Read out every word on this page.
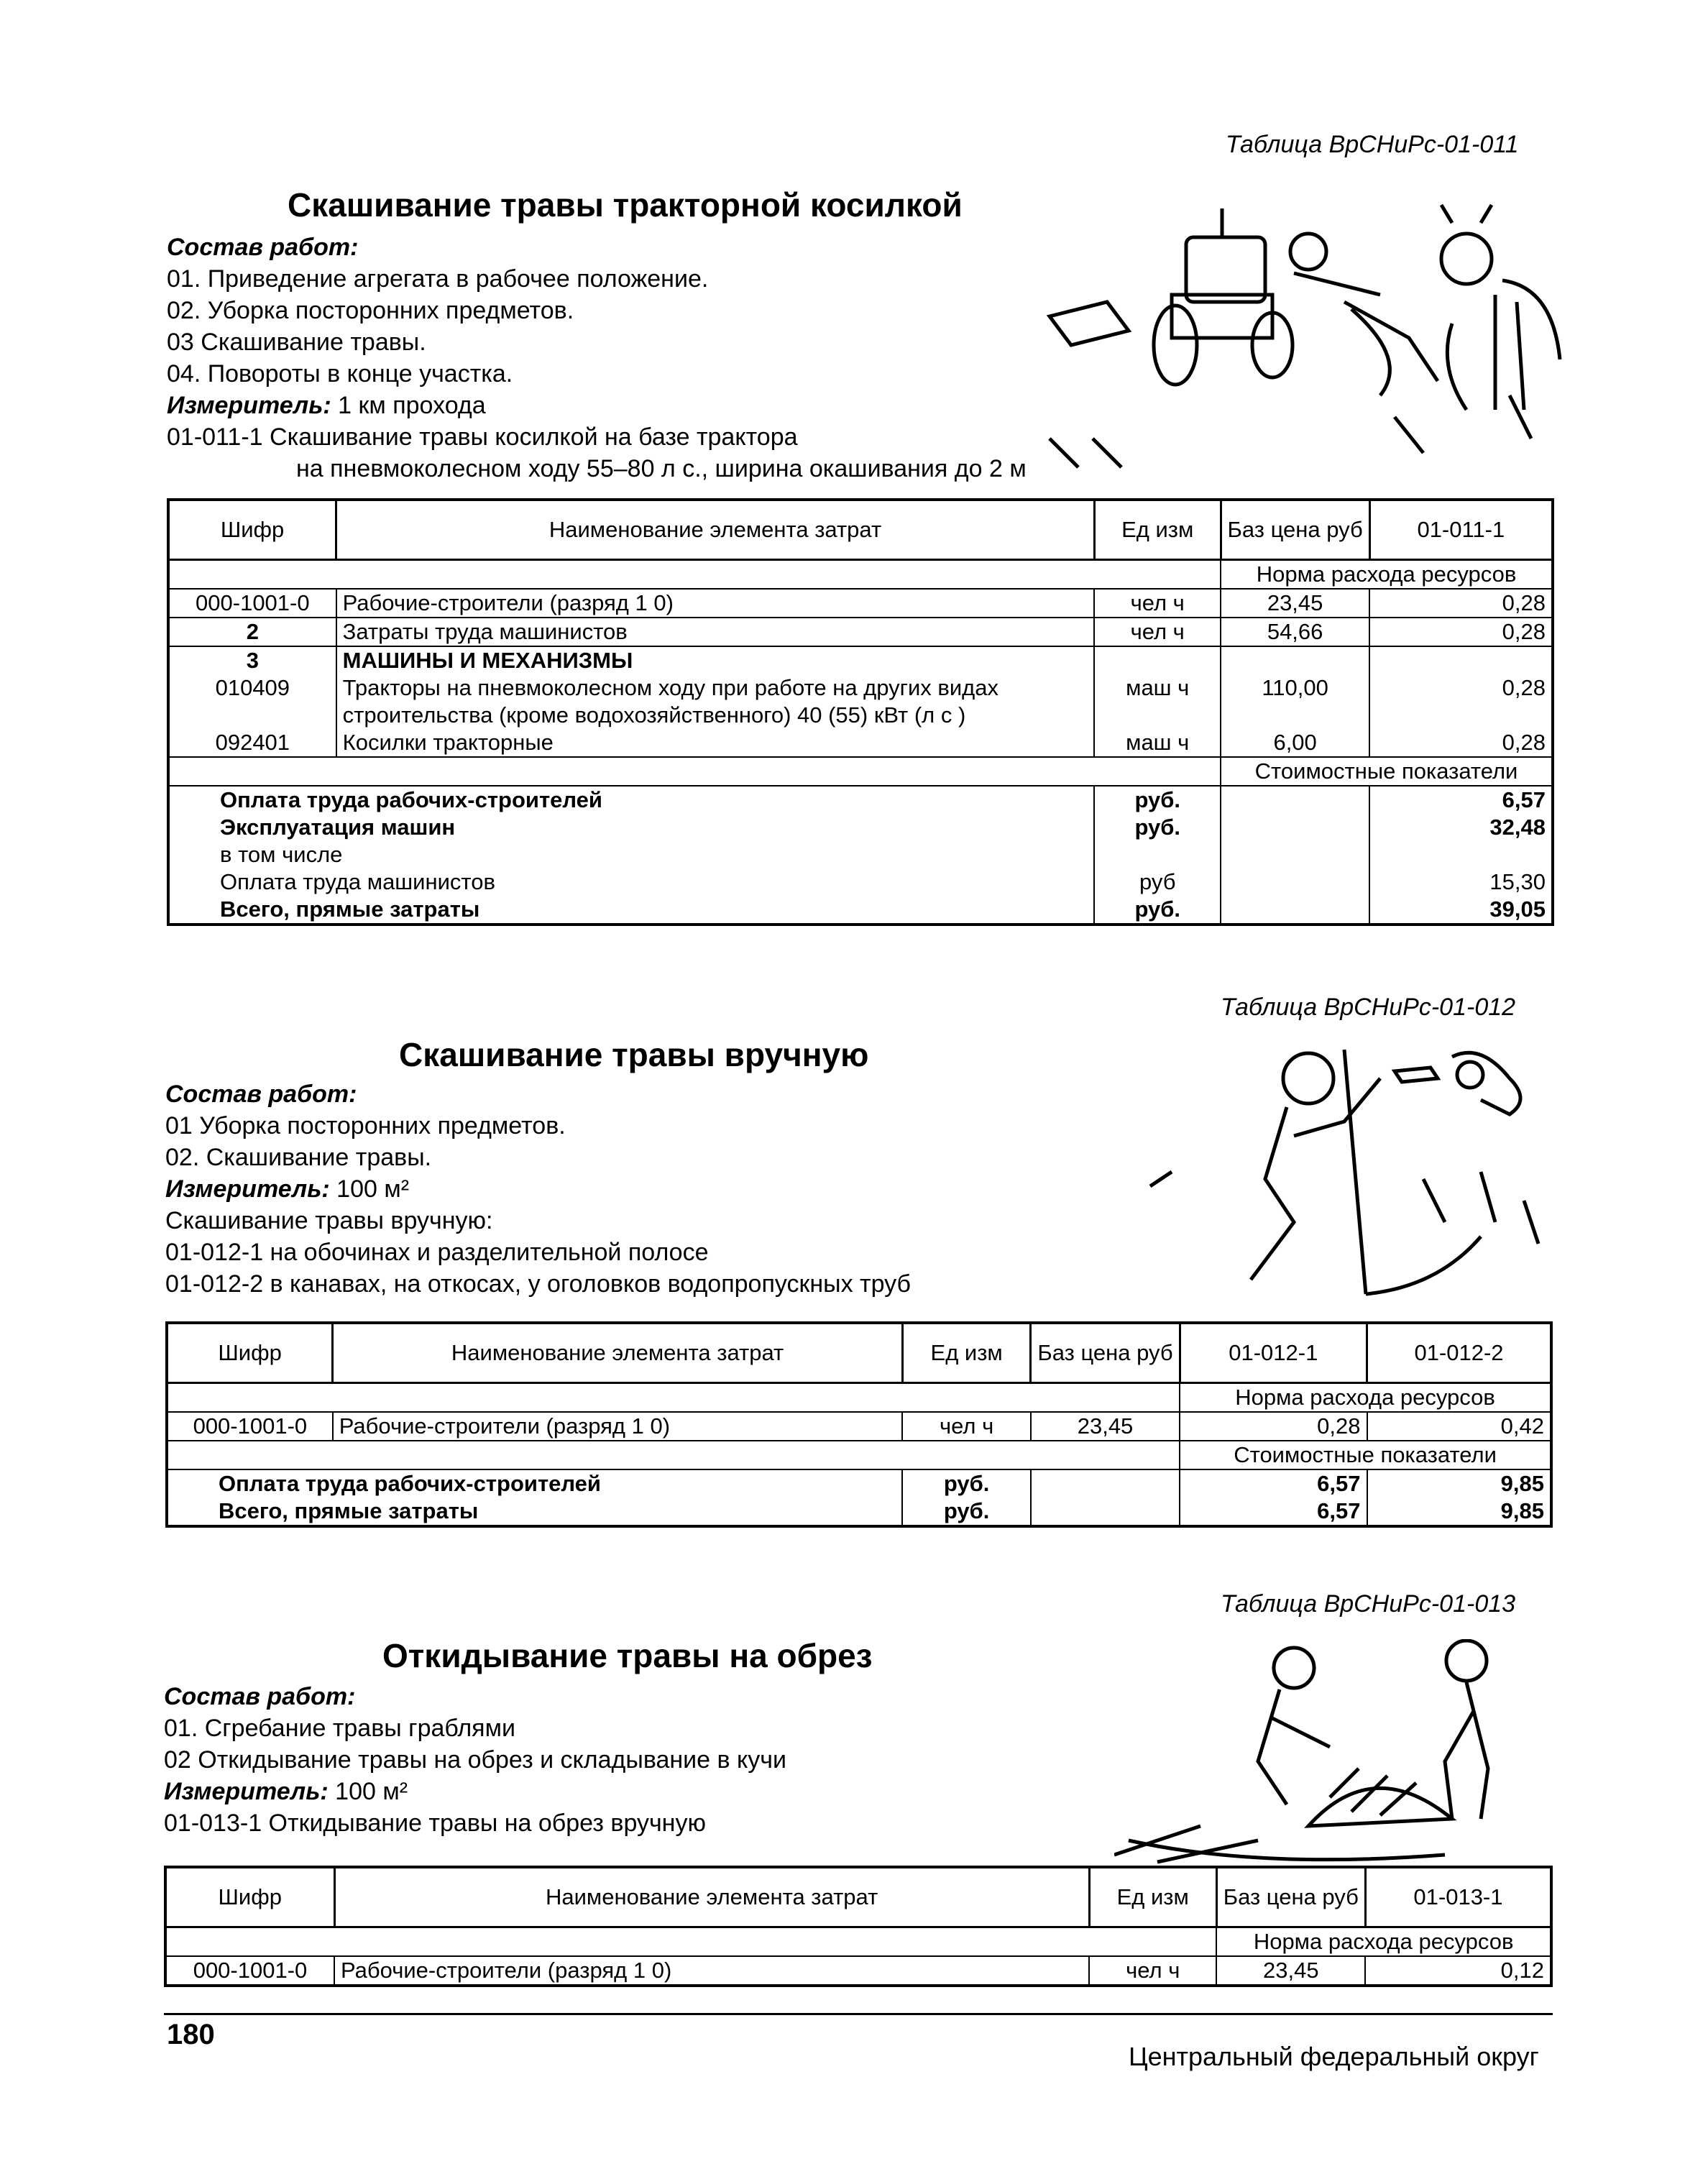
Таблица ВрСНиРс-01-011
Скашивание травы тракторной косилкой
Состав работ:
01. Приведение агрегата в рабочее положение.
02. Уборка посторонних предметов.
03 Скашивание травы.
04. Повороты в конце участка.
Измеритель: 1 км прохода
01-011-1 Скашивание травы косилкой на базе трактора
на пневмоколесном ходу 55–80 л с., ширина окашивания до 2 м
Шифр	Наименование элемента затрат	Ед изм	Баз цена руб	01-011-1
			Норма расхода ресурсов	
000-1001-0	Рабочие-строители (разряд 1 0)	чел ч	23,45	0,28
2	Затраты труда машинистов	чел ч	54,66	0,28
3	МАШИНЫ И МЕХАНИЗМЫ			
010409	Тракторы на пневмоколесном ходу при работе на других видах	маш ч	110,00	0,28
	строительства (кроме водохозяйственного) 40 (55) кВт (л с )			
092401	Косилки тракторные	маш ч	6,00	0,28
			Стоимостные показатели	
Оплата труда рабочих-строителей		руб.		6,57
Эксплуатация машин		руб.		32,48
в том числе				
Оплата труда машинистов		руб		15,30
Всего, прямые затраты		руб.		39,05
Таблица ВрСНиРс-01-012
Скашивание травы вручную
Состав работ:
01 Уборка посторонних предметов.
02. Скашивание травы.
Измеритель: 100 м²
Скашивание травы вручную:
01-012-1 на обочинах и разделительной полосе
01-012-2 в канавах, на откосах, у оголовков водопропускных труб
Шифр	Наименование элемента затрат	Ед изм	Баз цена руб	01-012-1	01-012-2
				Норма расхода ресурсов	
000-1001-0	Рабочие-строители (разряд 1 0)	чел ч	23,45	0,28	0,42
				Стоимостные показатели	
Оплата труда рабочих-строителей		руб.		6,57	9,85
Всего, прямые затраты		руб.		6,57	9,85
Таблица ВрСНиРс-01-013
Откидывание травы на обрез
Состав работ:
01. Сгребание травы граблями
02 Откидывание травы на обрез и складывание в кучи
Измеритель: 100 м²
01-013-1 Откидывание травы на обрез вручную
Шифр	Наименование элемента затрат	Ед изм	Баз цена руб	01-013-1
			Норма расхода ресурсов	
000-1001-0	Рабочие-строители (разряд 1 0)	чел ч	23,45	0,12
180
Центральный федеральный округ
